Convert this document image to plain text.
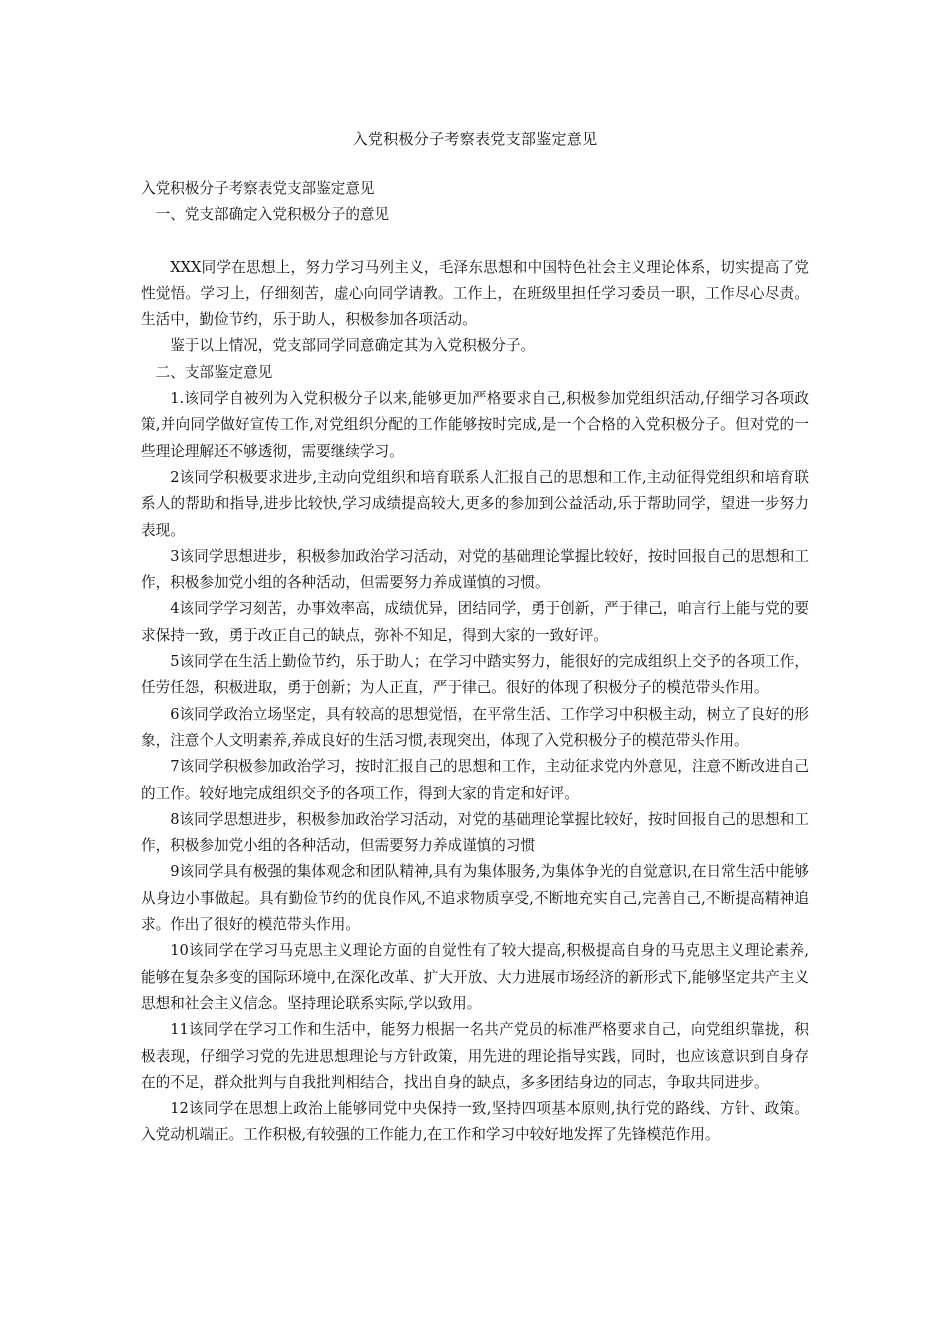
入党积极分子考察表党支部鉴定意见

入党积极分子考察表党支部鉴定意见

一、党支部确定入党积极分子的意见

XXX同学在思想上，努力学习马列主义，毛泽东思想和中国特色社会主义理论体系，切实提高了党性觉悟。学习上，仔细刻苦，虚心向同学请教。工作上，在班级里担任学习委员一职，工作尽心尽责。生活中，勤俭节约，乐于助人，积极参加各项活动。

鉴于以上情况，党支部同学同意确定其为入党积极分子。

二、支部鉴定意见

1.该同学自被列为入党积极分子以来,能够更加严格要求自己,积极参加党组织活动,仔细学习各项政策,并向同学做好宣传工作,对党组织分配的工作能够按时完成,是一个合格的入党积极分子。但对党的一些理论理解还不够透彻，需要继续学习。

2该同学积极要求进步,主动向党组织和培育联系人汇报自己的思想和工作,主动征得党组织和培育联系人的帮助和指导,进步比较快,学习成绩提高较大,更多的参加到公益活动,乐于帮助同学，望进一步努力表现。

3该同学思想进步，积极参加政治学习活动，对党的基础理论掌握比较好，按时回报自己的思想和工作，积极参加党小组的各种活动，但需要努力养成谨慎的习惯。

4该同学学习刻苦，办事效率高，成绩优异，团结同学，勇于创新，严于律己，咱言行上能与党的要求保持一致，勇于改正自己的缺点，弥补不知足，得到大家的一致好评。

5该同学在生活上勤俭节约，乐于助人；在学习中踏实努力，能很好的完成组织上交予的各项工作，任劳任怨，积极进取，勇于创新；为人正直，严于律己。很好的体现了积极分子的模范带头作用。

6该同学政治立场坚定，具有较高的思想觉悟，在平常生活、工作学习中积极主动，树立了良好的形象，注意个人文明素养,养成良好的生活习惯,表现突出，体现了入党积极分子的模范带头作用。

7该同学积极参加政治学习，按时汇报自己的思想和工作，主动征求党内外意见，注意不断改进自己的工作。较好地完成组织交予的各项工作，得到大家的肯定和好评。

8该同学思想进步，积极参加政治学习活动，对党的基础理论掌握比较好，按时回报自己的思想和工作，积极参加党小组的各种活动，但需要努力养成谨慎的习惯

9该同学具有极强的集体观念和团队精神,具有为集体服务,为集体争光的自觉意识,在日常生活中能够从身边小事做起。具有勤俭节约的优良作风,不追求物质享受,不断地充实自己,完善自己,不断提高精神追求。作出了很好的模范带头作用。

10该同学在学习马克思主义理论方面的自觉性有了较大提高,积极提高自身的马克思主义理论素养,能够在复杂多变的国际环境中,在深化改革、扩大开放、大力进展市场经济的新形式下,能够坚定共产主义思想和社会主义信念。坚持理论联系实际,学以致用。

11该同学在学习工作和生活中，能努力根据一名共产党员的标准严格要求自己，向党组织靠拢，积极表现，仔细学习党的先进思想理论与方针政策，用先进的理论指导实践，同时，也应该意识到自身存在的不足，群众批判与自我批判相结合，找出自身的缺点，多多团结身边的同志，争取共同进步。

12该同学在思想上政治上能够同党中央保持一致,坚持四项基本原则,执行党的路线、方针、政策。入党动机端正。工作积极,有较强的工作能力,在工作和学习中较好地发挥了先锋模范作用。
